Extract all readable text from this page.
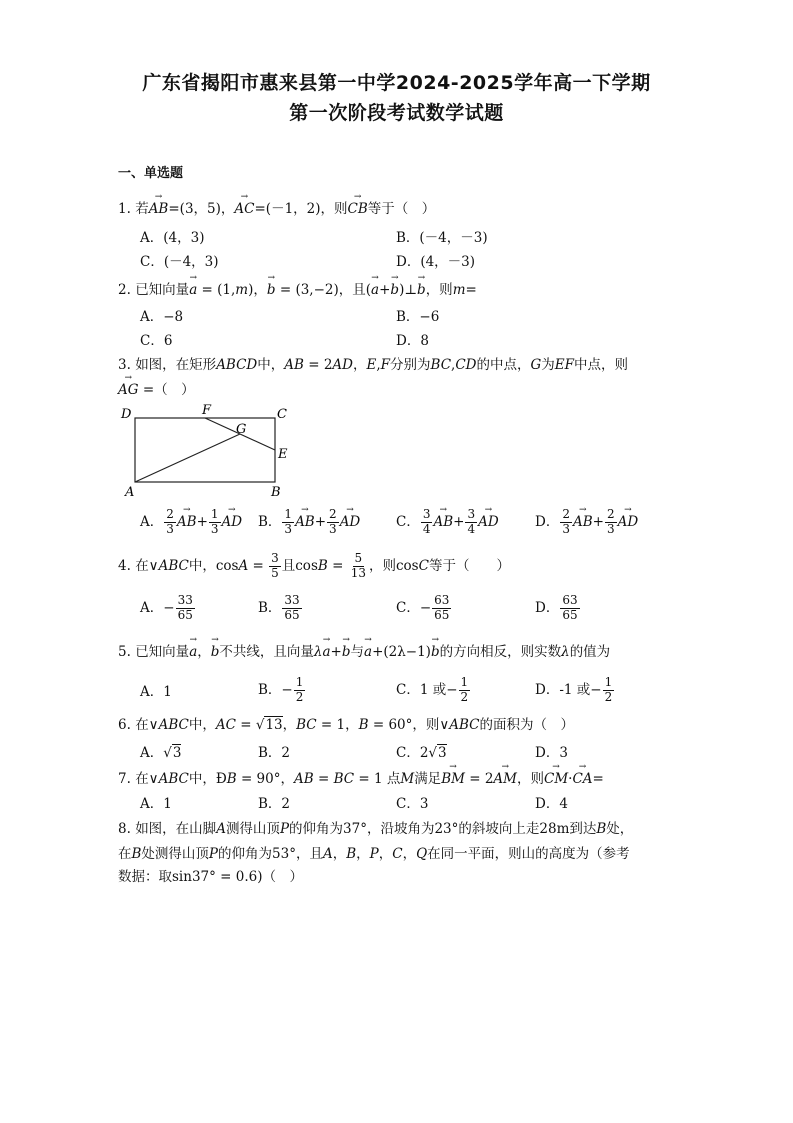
广东省揭阳市惠来县第一中学2024-2025学年高一下学期
第一次阶段考试数学试题
一、单选题
1. 若→ AB=(3，5)，→ AC=(－1，2)，则→ CB等于（　）
A．(4，3)	B．(－4，－3)
C．(－4，3)	D．(4，－3)
2. 已知向量→ a = (1,m)，→ b = (3,−2)，且(→ a+→ b)⊥→ b，则m=
A．−8	B．−6
C．6	D．8
3. 如图，在矩形ABCD中，AB = 2AD，E,F分别为BC,CD的中点，G为EF中点，则
→ AG =（　）
D	F	C
G
E
A	B
A． $\frac{2}{3}$
→ $AB+ \frac{1}{3}$
→ AD B． $\frac{1}{3}$
→ $AB+ \frac{2}{3}$
→ AD	C． $\frac{3}{4}$
→ $AB+ \frac{3}{4}$
→ AD	D． $\frac{2}{3}$
→ $AB+ \frac{2}{3}$
→ AD
4. 在∨ABC中，$\cos A = \frac{3}{5}$ 且$\cos B = \frac{5}{13}$ ，则cosC等于（　　）
A．− $\frac{33}{65}$	B． $\frac{33}{65}$	C．− $\frac{63}{65}$	D． $\frac{63}{65}$
5. 已知向量→ a，→ b不共线，且向量λ→ a+→ b与→ a+(2λ−1)→ b的方向相反，则实数λ的值为
A．1	B．− $\frac{1}{2}$	C．1 或− $\frac{1}{2}$	D．-1 或− $\frac{1}{2}$
6. 在∨ABC中，AC = √13，BC = 1，B = 60°，则∨ABC的面积为（　）
A．√3	B．2	C．2√3	D．3
7. 在∨ABC中，ÐB = 90°，AB = BC = 1 点M满足→ BM = 2→ AM，则→ CM·→ CA=
A．1	B．2	C．3	D．4
8. 如图，在山脚A测得山顶P的仰角为37°，沿坡角为23°的斜坡向上走28m到达B处，
在B处测得山顶P的仰角为53°，且A，B，P，C，Q在同一平面，则山的高度为（参考
数据：取sin37° = 0.6)（　）
